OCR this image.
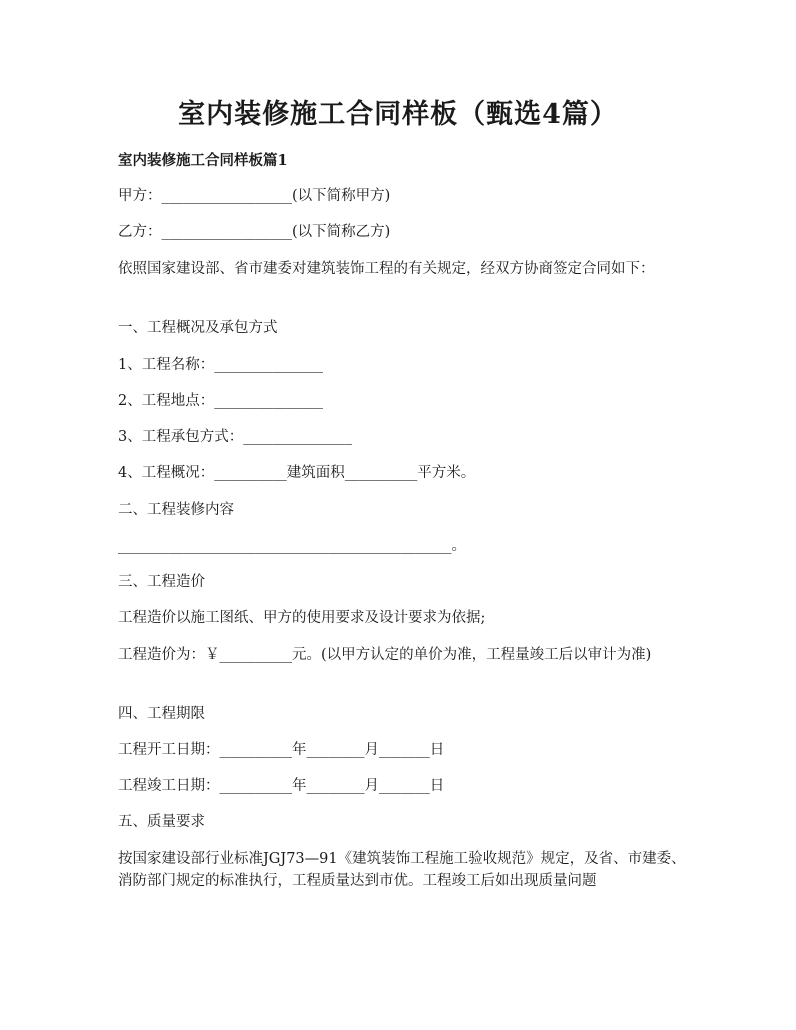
室内装修施工合同样板（甄选4篇）
室内装修施工合同样板篇1
甲方：__________________(以下简称甲方)
乙方：__________________(以下简称乙方)
依照国家建设部、省市建委对建筑装饰工程的有关规定，经双方协商签定合同如下：
一、工程概况及承包方式
1、工程名称：_______________
2、工程地点：_______________
3、工程承包方式：_______________
4、工程概况：__________建筑面积__________平方米。
二、工程装修内容
______________________________________________。
三、工程造价
工程造价以施工图纸、甲方的使用要求及设计要求为依据;
工程造价为：￥__________元。(以甲方认定的单价为准，工程量竣工后以审计为准)
四、工程期限
工程开工日期：__________年________月_______日
工程竣工日期：__________年________月_______日
五、质量要求
按国家建设部行业标准JGJ73—91《建筑装饰工程施工验收规范》规定，及省、市建委、消防部门规定的标准执行，工程质量达到市优。工程竣工后如出现质量问题
